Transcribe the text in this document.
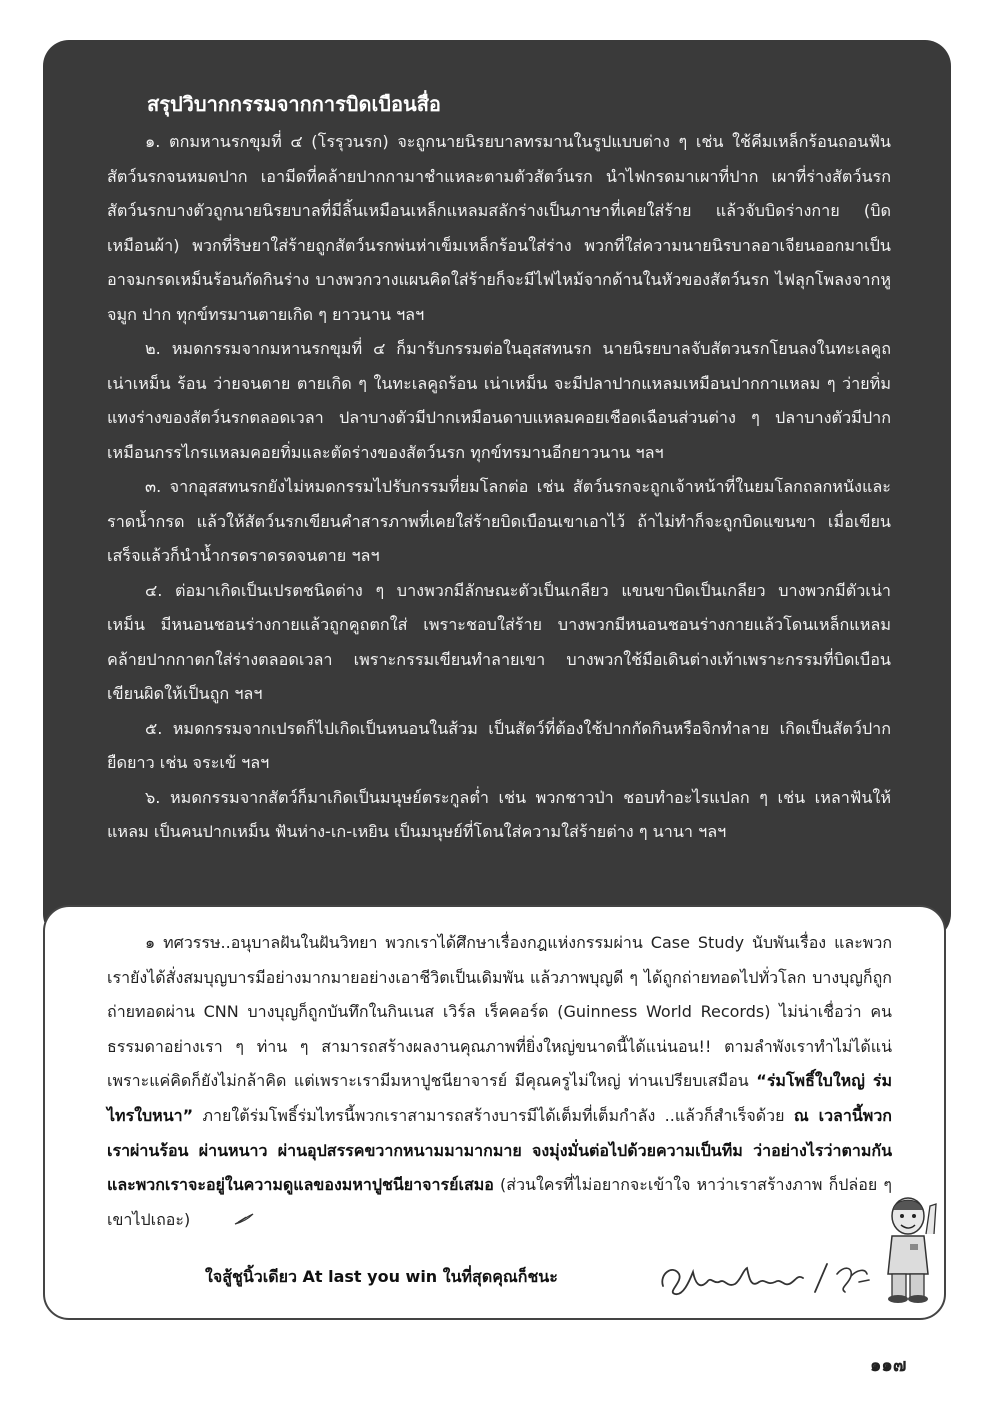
สรุปวิบากกรรมจากการบิดเบือนสื่อ

๑. ตกมหานรกขุมที่ ๔ (โรรุวนรก) จะถูกนายนิรยบาลทรมานในรูปแบบต่าง ๆ เช่น ใช้คีมเหล็กร้อนถอนฟันสัตว์นรกจนหมดปาก เอามีดที่คล้ายปากกามาชำแหละตามตัวสัตว์นรก นำไฟกรดมาเผาที่ปาก เผาที่ร่างสัตว์นรก สัตว์นรกบางตัวถูกนายนิรยบาลที่มีลิ้นเหมือนเหล็กแหลมสลักร่างเป็นภาษาที่เคยใส่ร้าย แล้วจับบิดร่างกาย (บิดเหมือนผ้า) พวกที่ริษยาใส่ร้ายถูกสัตว์นรกพ่นห่าเข็มเหล็กร้อนใส่ร่าง พวกที่ใส่ความนายนิรบาลอาเจียนออกมาเป็นอาจมกรดเหม็นร้อนกัดกินร่าง บางพวกวางแผนคิดใส่ร้ายก็จะมีไฟไหม้จากด้านในหัวของสัตว์นรก ไฟลุกโพลงจากหู จมูก ปาก ทุกข์ทรมานตายเกิด ๆ ยาวนาน ฯลฯ

๒. หมดกรรมจากมหานรกขุมที่ ๔ ก็มารับกรรมต่อในอุสสทนรก นายนิรยบาลจับสัตวนรกโยนลงในทะเลคูถเน่าเหม็น ร้อน ว่ายจนตาย ตายเกิด ๆ ในทะเลคูถร้อน เน่าเหม็น จะมีปลาปากแหลมเหมือนปากกาแหลม ๆ ว่ายทิ่มแทงร่างของสัตว์นรกตลอดเวลา ปลาบางตัวมีปากเหมือนดาบแหลมคอยเชือดเฉือนส่วนต่าง ๆ ปลาบางตัวมีปากเหมือนกรรไกรแหลมคอยทิ่มและตัดร่างของสัตว์นรก ทุกข์ทรมานอีกยาวนาน ฯลฯ

๓. จากอุสสทนรกยังไม่หมดกรรมไปรับกรรมที่ยมโลกต่อ เช่น สัตว์นรกจะถูกเจ้าหน้าที่ในยมโลกถลกหนังและราดน้ำกรด แล้วให้สัตว์นรกเขียนคำสารภาพที่เคยใส่ร้ายบิดเบือนเขาเอาไว้ ถ้าไม่ทำก็จะถูกบิดแขนขา เมื่อเขียนเสร็จแล้วก็นำน้ำกรดราดรดจนตาย ฯลฯ

๔. ต่อมาเกิดเป็นเปรตชนิดต่าง ๆ บางพวกมีลักษณะตัวเป็นเกลียว แขนขาบิดเป็นเกลียว บางพวกมีตัวเน่าเหม็น มีหนอนชอนร่างกายแล้วถูกคูถตกใส่ เพราะชอบใส่ร้าย บางพวกมีหนอนชอนร่างกายแล้วโดนเหล็กแหลมคล้ายปากกาตกใส่ร่างตลอดเวลา เพราะกรรมเขียนทำลายเขา บางพวกใช้มือเดินต่างเท้าเพราะกรรมที่บิดเบือนเขียนผิดให้เป็นถูก ฯลฯ

๕. หมดกรรมจากเปรตก็ไปเกิดเป็นหนอนในส้วม เป็นสัตว์ที่ต้องใช้ปากกัดกินหรือจิกทำลาย เกิดเป็นสัตว์ปากยืดยาว เช่น จระเข้ ฯลฯ

๖. หมดกรรมจากสัตว์ก็มาเกิดเป็นมนุษย์ตระกูลต่ำ เช่น พวกชาวป่า ชอบทำอะไรแปลก ๆ เช่น เหลาฟันให้แหลม เป็นคนปากเหม็น ฟันห่าง-เก-เหยิน เป็นมนุษย์ที่โดนใส่ความใส่ร้ายต่าง ๆ นานา ฯลฯ

๑ ทศวรรษ..อนุบาลฝันในฝันวิทยา พวกเราได้ศึกษาเรื่องกฎแห่งกรรมผ่าน Case Study นับพันเรื่อง และพวกเรายังได้สั่งสมบุญบารมีอย่างมากมายอย่างเอาชีวิตเป็นเดิมพัน แล้วภาพบุญดี ๆ ได้ถูกถ่ายทอดไปทั่วโลก บางบุญก็ถูกถ่ายทอดผ่าน CNN บางบุญก็ถูกบันทึกในกินเนส เวิร์ล เร็คคอร์ด (Guinness World Records) ไม่น่าเชื่อว่า คนธรรมดาอย่างเรา ๆ ท่าน ๆ สามารถสร้างผลงานคุณภาพที่ยิ่งใหญ่ขนาดนี้ได้แน่นอน!! ตามลำพังเราทำไม่ได้แน่ เพราะแค่คิดก็ยังไม่กล้าคิด แต่เพราะเรามีมหาปูชนียาจารย์ มีคุณครูไม่ใหญ่ ท่านเปรียบเสมือน “ร่มโพธิ์ใบใหญ่ ร่มไทรใบหนา” ภายใต้ร่มโพธิ์ร่มไทรนี้พวกเราสามารถสร้างบารมีได้เต็มที่เต็มกำลัง ..แล้วก็สำเร็จด้วย ณ เวลานี้พวกเราผ่านร้อน ผ่านหนาว ผ่านอุปสรรคขวากหนามมามากมาย จงมุ่งมั่นต่อไปด้วยความเป็นทีม ว่าอย่างไรว่าตามกัน และพวกเราจะอยู่ในความดูแลของมหาปูชนียาจารย์เสมอ (ส่วนใครที่ไม่อยากจะเข้าใจ หาว่าเราสร้างภาพ ก็ปล่อย ๆ เขาไปเถอะ)

ใจสู้ชูนิ้วเดียว At last you win ในที่สุดคุณก็ชนะ

๑๑๗
